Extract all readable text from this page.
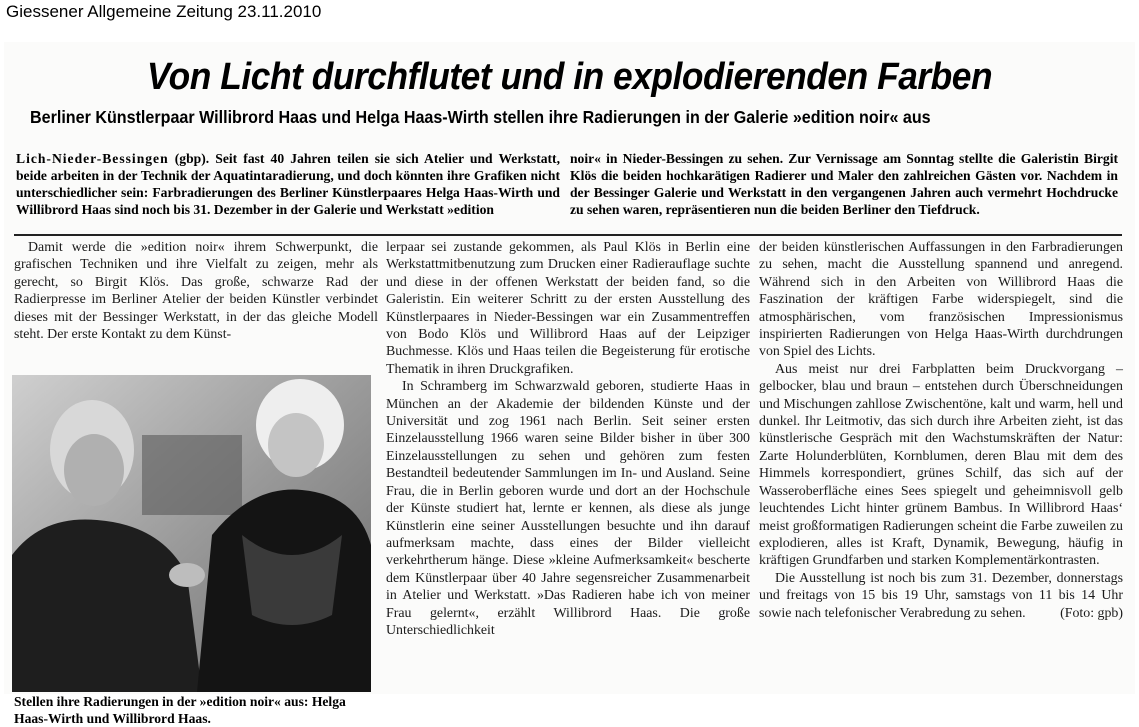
Giessener Allgemeine Zeitung 23.11.2010
Von Licht durchflutet und in explodierenden Farben
Berliner Künstlerpaar Willibrord Haas und Helga Haas-Wirth stellen ihre Radierungen in der Galerie »edition noir« aus
Lich-Nieder-Bessingen (gbp). Seit fast 40 Jahren teilen sie sich Atelier und Werkstatt, beide arbeiten in der Technik der Aquatintaradierung, und doch könnten ihre Grafiken nicht unterschiedlicher sein: Farbradierungen des Berliner Künstlerpaares Helga Haas-Wirth und Willibrord Haas sind noch bis 31. Dezember in der Galerie und Werkstatt »edition
noir« in Nieder-Bessingen zu sehen. Zur Vernissage am Sonntag stellte die Galeristin Birgit Klös die beiden hochkarätigen Radierer und Maler den zahlreichen Gästen vor. Nachdem in der Bessinger Galerie und Werkstatt in den vergangenen Jahren auch vermehrt Hochdrucke zu sehen waren, repräsentieren nun die beiden Berliner den Tiefdruck.

Damit werde die »edition noir« ihrem Schwerpunkt, die grafischen Techniken und ihre Vielfalt zu zeigen, mehr als gerecht, so Birgit Klös. Das große, schwarze Rad der Radierpresse im Berliner Atelier der beiden Künstler verbindet dieses mit der Bessinger Werkstatt, in der das gleiche Modell steht. Der erste Kontakt zu dem Künst-

Stellen ihre Radierungen in der »edition noir« aus: Helga Haas-Wirth und Willibrord Haas.

lerpaar sei zustande gekommen, als Paul Klös in Berlin eine Werkstattmitbenutzung zum Drucken einer Radierauflage suchte und diese in der offenen Werkstatt der beiden fand, so die Galeristin. Ein weiterer Schritt zu der ersten Ausstellung des Künstlerpaares in Nieder-Bessingen war ein Zusammentreffen von Bodo Klös und Willibrord Haas auf der Leipziger Buchmesse. Klös und Haas teilen die Begeisterung für erotische Thematik in ihren Druckgrafiken.

In Schramberg im Schwarzwald geboren, studierte Haas in München an der Akademie der bildenden Künste und der Universität und zog 1961 nach Berlin. Seit seiner ersten Einzelausstellung 1966 waren seine Bilder bisher in über 300 Einzelausstellungen zu sehen und gehören zum festen Bestandteil bedeutender Sammlungen im In- und Ausland. Seine Frau, die in Berlin geboren wurde und dort an der Hochschule der Künste studiert hat, lernte er kennen, als diese als junge Künstlerin eine seiner Ausstellungen besuchte und ihn darauf aufmerksam machte, dass eines der Bilder vielleicht verkehrtherum hänge. Diese »kleine Aufmerksamkeit« bescherte dem Künstlerpaar über 40 Jahre segensreicher Zusammenarbeit in Atelier und Werkstatt. »Das Radieren habe ich von meiner Frau gelernt«, erzählt Willibrord Haas. Die große Unterschiedlichkeit

der beiden künstlerischen Auffassungen in den Farbradierungen zu sehen, macht die Ausstellung spannend und anregend. Während sich in den Arbeiten von Willibrord Haas die Faszination der kräftigen Farbe widerspiegelt, sind die atmosphärischen, vom französischen Impressionismus inspirierten Radierungen von Helga Haas-Wirth durchdrungen von Spiel des Lichts.

Aus meist nur drei Farbplatten beim Druckvorgang – gelbocker, blau und braun – entstehen durch Überschneidungen und Mischungen zahllose Zwischentöne, kalt und warm, hell und dunkel. Ihr Leitmotiv, das sich durch ihre Arbeiten zieht, ist das künstlerische Gespräch mit den Wachstumskräften der Natur: Zarte Holunderblüten, Kornblumen, deren Blau mit dem des Himmels korrespondiert, grünes Schilf, das sich auf der Wasseroberfläche eines Sees spiegelt und geheimnisvoll gelb leuchtendes Licht hinter grünem Bambus. In Willibrord Haas‘ meist großformatigen Radierungen scheint die Farbe zuweilen zu explodieren, alles ist Kraft, Dynamik, Bewegung, häufig in kräftigen Grundfarben und starken Komplementärkontrasten.

Die Ausstellung ist noch bis zum 31. Dezember, donnerstags und freitags von 15 bis 19 Uhr, samstags von 11 bis 14 Uhr sowie nach telefonischer Verabredung zu sehen. (Foto: gpb)
